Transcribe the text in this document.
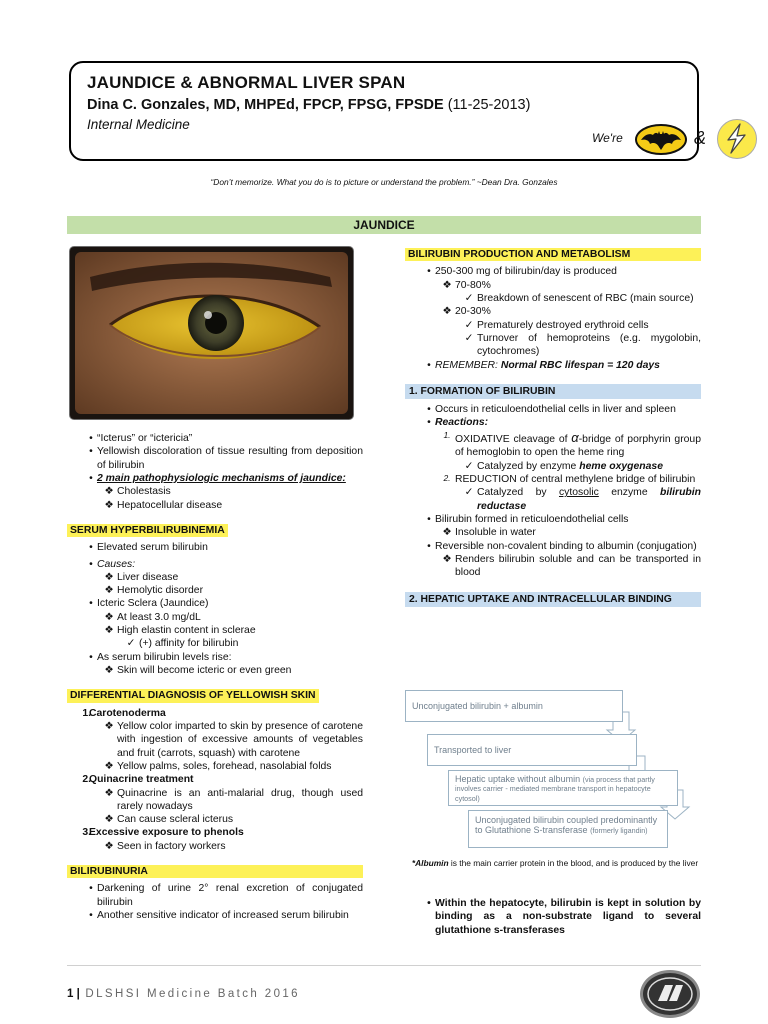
JAUNDICE & ABNORMAL LIVER SPAN
Dina C. Gonzales, MD, MHPEd, FPCP, FPSG, FPSDE (11-25-2013)
Internal Medicine
We're	&
“Don’t memorize. What you do is to picture or understand the problem.” ~Dean Dra. Gonzales
JAUNDICE
• “Icterus” or “ictericia”
• Yellowish discoloration of tissue resulting from deposition of bilirubin
• 2 main pathophysiologic mechanisms of jaundice:
❖ Cholestasis
❖ Hepatocellular disease
SERUM HYPERBILIRUBINEMIA
• Elevated serum bilirubin
• Causes:
❖ Liver disease
❖ Hemolytic disorder
• Icteric Sclera (Jaundice)
❖ At least 3.0 mg/dL
❖ High elastin content in sclerae
✓ (+) affinity for bilirubin
• As serum bilirubin levels rise:
❖ Skin will become icteric or even green
DIFFERENTIAL DIAGNOSIS OF YELLOWISH SKIN
1.
Carotenoderma
❖ Yellow color imparted to skin by presence of carotene with ingestion of excessive amounts of vegetables and fruit (carrots, squash) with carotene
❖ Yellow palms, soles, forehead, nasolabial folds
2.
Quinacrine treatment
❖ Quinacrine is an anti-malarial drug, though used rarely nowadays
❖ Can cause scleral icterus
3.
Excessive exposure to phenols
❖ Seen in factory workers
BILIRUBINURIA
• Darkening of urine 2° renal excretion of conjugated bilirubin
• Another sensitive indicator of increased serum bilirubin
BILIRUBIN PRODUCTION AND METABOLISM
• 250-300 mg of bilirubin/day is produced
❖ 70-80%
✓ Breakdown of senescent of RBC (main source)
❖ 20-30%
✓ Prematurely destroyed erythroid cells
✓ Turnover of hemoproteins (e.g. mygolobin, cytochromes)
• REMEMBER: Normal RBC lifespan = 120 days
1. FORMATION OF BILIRUBIN
• Occurs in reticuloendothelial cells in liver and spleen
• Reactions:
1. OXIDATIVE cleavage of α-bridge of porphyrin group of hemoglobin to open the heme ring
✓ Catalyzed by enzyme heme oxygenase
2. REDUCTION of central methylene bridge of bilirubin
✓ Catalyzed by cytosolic enzyme bilirubin reductase
• Bilirubin formed in reticuloendothelial cells
❖ Insoluble in water
• Reversible non-covalent binding to albumin (conjugation)
❖ Renders bilirubin soluble and can be transported in blood
2. HEPATIC UPTAKE AND INTRACELLULAR BINDING
Unconjugated bilirubin + albumin
Transported to liver
Hepatic uptake without albumin (via process that partly involves carrier - mediated membrane transport in hepatocyte cytosol)
Unconjugated bilirubin coupled predominantly to Glutathione S-transferase (formerly ligandin)
*Albumin is the main carrier protein in the blood, and is produced by the liver
• Within the hepatocyte, bilirubin is kept in solution by binding as a non-substrate ligand to several glutathione s-transferases
1 | DLSHSI Medicine Batch 2016
